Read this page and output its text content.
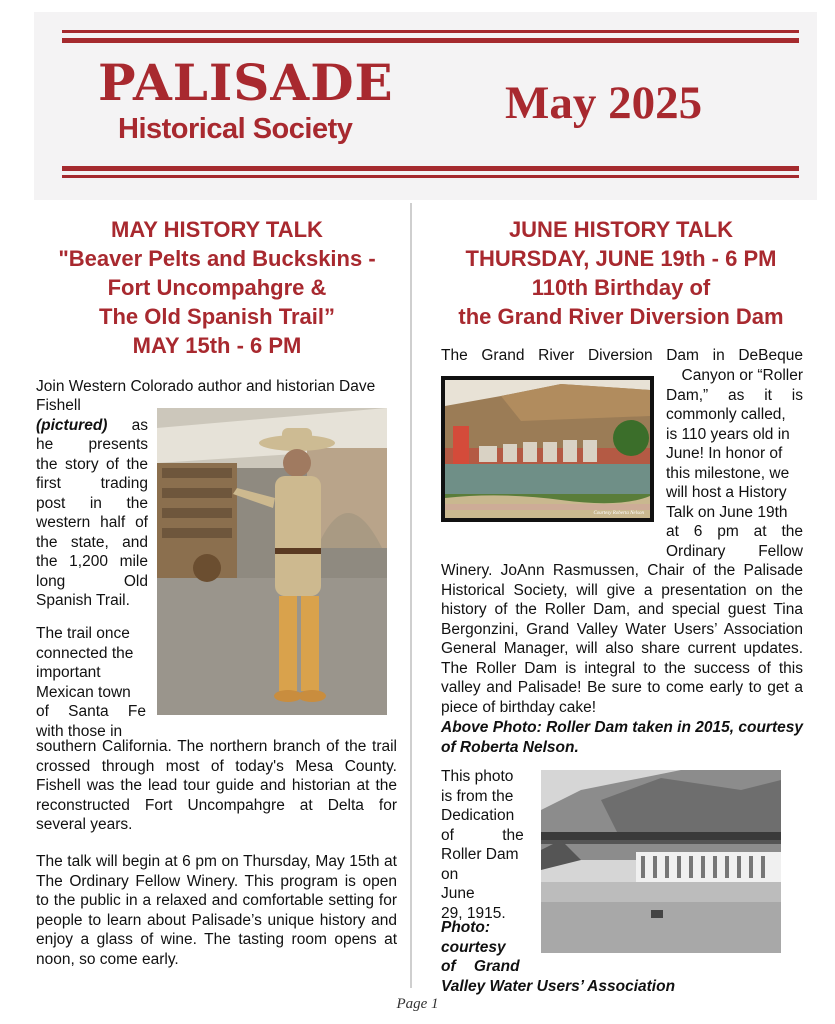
PALISADE
Historical Society	May 2025
MAY HISTORY TALK
"Beaver Pelts and Buckskins -
Fort Uncompahgre &
The Old Spanish Trail”
MAY 15th - 6 PM
Join Western Colorado author and historian Dave
Fishell
(pictured) as
he presents
the story of the
first trading
post in the
western half of
the state, and
the 1,200 mile
long Old
Spanish Trail.
The trail once
connected the
important
Mexican town
of Santa Fe
with those in
southern California. The northern branch of the trail crossed through most of today's Mesa County. Fishell was the lead tour guide and historian at the reconstructed Fort Uncompahgre at Delta for several years.
The talk will begin at 6 pm on Thursday, May 15th at The Ordinary Fellow Winery. This program is open to the public in a relaxed and comfortable setting for people to learn about Palisade’s unique history and enjoy a glass of wine. The tasting room opens at noon, so come early.
JUNE HISTORY TALK
THURSDAY, JUNE 19th - 6 PM
110th Birthday of
the Grand River Diversion Dam
The Grand River Diversion Dam in DeBeque
Courtesy Roberta Nelson
Canyon or “Roller
Dam,” as it is
commonly called,
is 110 years old in
June! In honor of
this milestone, we
will host a History
Talk on June 19th
at 6 pm at the
Ordinary Fellow
Winery. JoAnn Rasmussen, Chair of the Palisade Historical Society, will give a presentation on the history of the Roller Dam, and special guest Tina Bergonzini, Grand Valley Water Users’ Association General Manager, will also share current updates. The Roller Dam is integral to the success of this valley and Palisade! Be sure to come early to get a piece of birthday cake!
Above Photo: Roller Dam taken in 2015, courtesy of Roberta Nelson.
This photo
is from the
Dedication
of the
Roller Dam
on June
29, 1915.
Photo:
courtesy
of Grand
Valley Water Users’ Association
Page 1
